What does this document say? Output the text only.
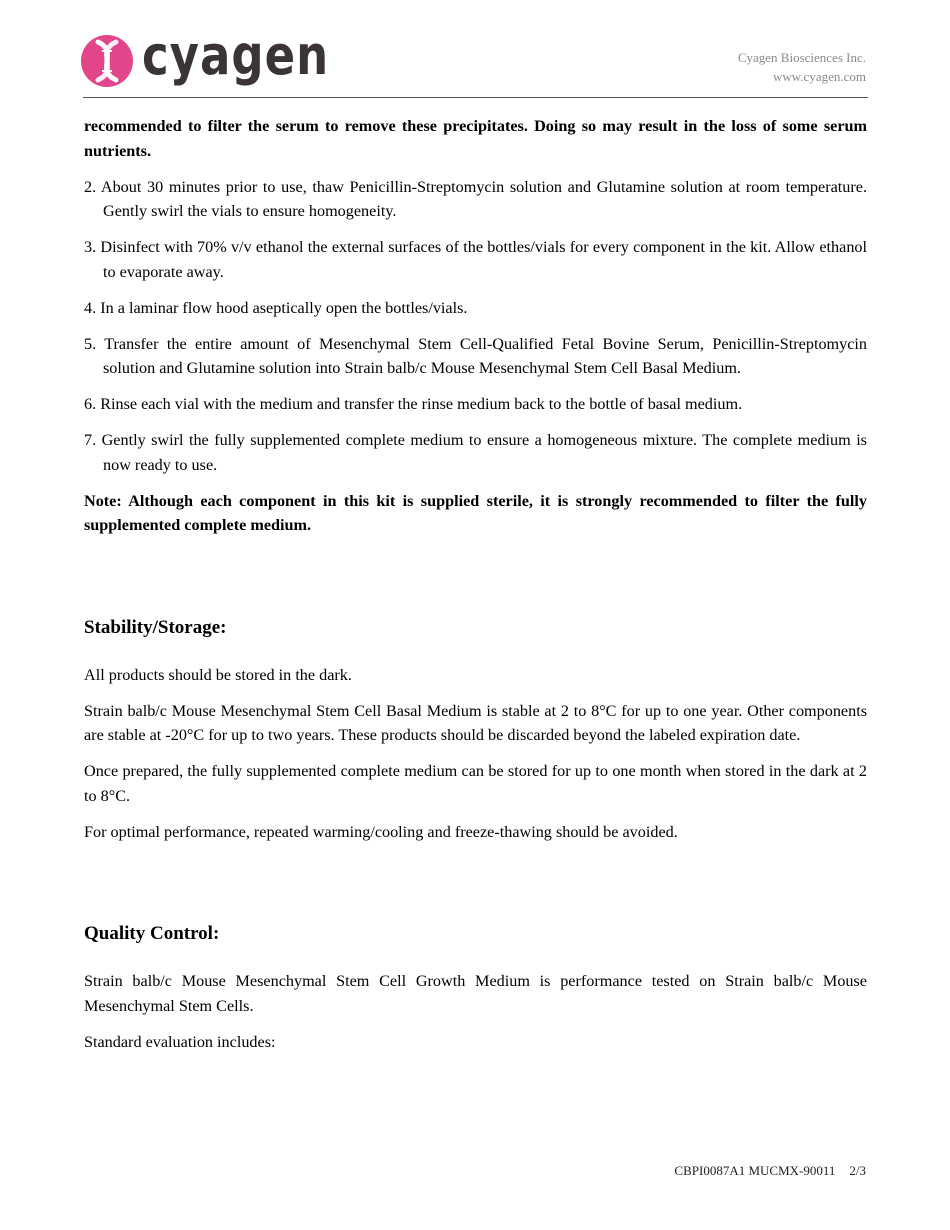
cyagen	Cyagen Biosciences Inc.
www.cyagen.com

recommended to filter the serum to remove these precipitates. Doing so may result in the loss of some serum nutrients.

2. About 30 minutes prior to use, thaw Penicillin-Streptomycin solution and Glutamine solution at room temperature. Gently swirl the vials to ensure homogeneity.

3. Disinfect with 70% v/v ethanol the external surfaces of the bottles/vials for every component in the kit. Allow ethanol to evaporate away.

4. In a laminar flow hood aseptically open the bottles/vials.

5. Transfer the entire amount of Mesenchymal Stem Cell-Qualified Fetal Bovine Serum, Penicillin-Streptomycin solution and Glutamine solution into Strain balb/c Mouse Mesenchymal Stem Cell Basal Medium.

6. Rinse each vial with the medium and transfer the rinse medium back to the bottle of basal medium.

7. Gently swirl the fully supplemented complete medium to ensure a homogeneous mixture. The complete medium is now ready to use.

Note: Although each component in this kit is supplied sterile, it is strongly recommended to filter the fully supplemented complete medium.

Stability/Storage:

All products should be stored in the dark.

Strain balb/c Mouse Mesenchymal Stem Cell Basal Medium is stable at 2 to 8°C for up to one year. Other components are stable at -20°C for up to two years. These products should be discarded beyond the labeled expiration date.

Once prepared, the fully supplemented complete medium can be stored for up to one month when stored in the dark at 2 to 8°C.

For optimal performance, repeated warming/cooling and freeze-thawing should be avoided.

Quality Control:

Strain balb/c Mouse Mesenchymal Stem Cell Growth Medium is performance tested on Strain balb/c Mouse Mesenchymal Stem Cells.

Standard evaluation includes:

CBPI0087A1 MUCMX-90011 2/3
